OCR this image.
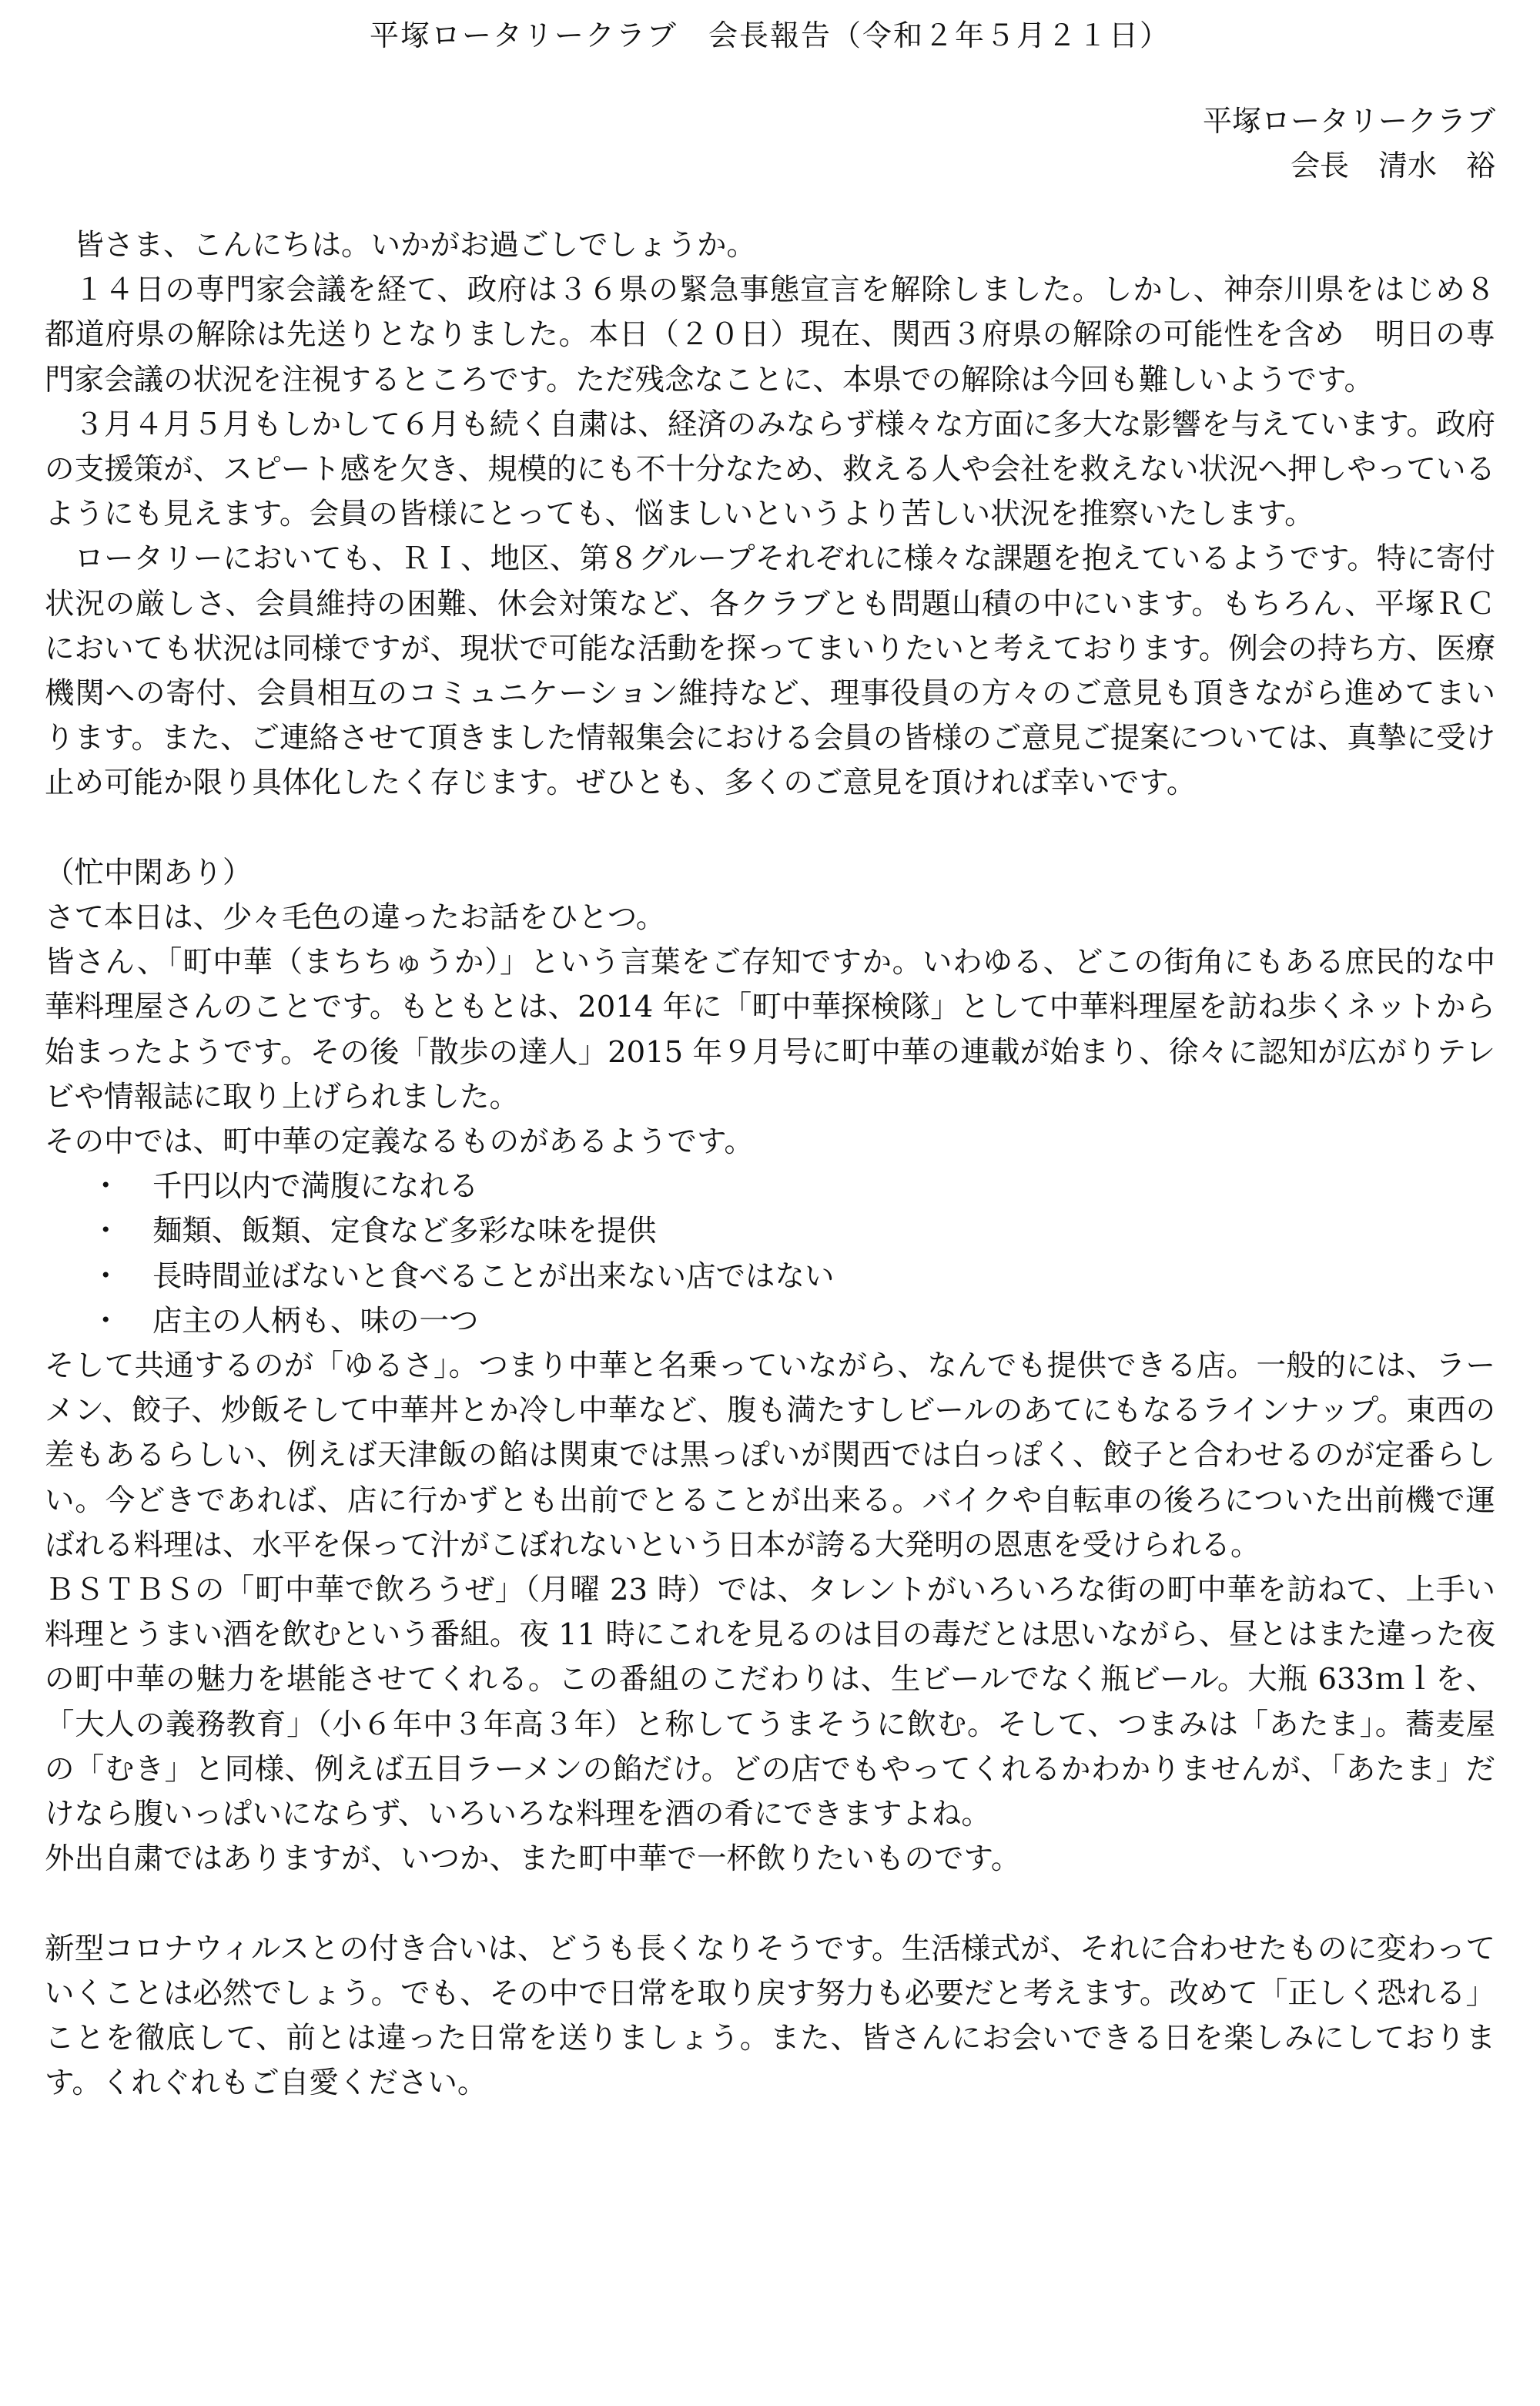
平塚ロータリークラブ　会長報告（令和２年５月２１日）
平塚ロータリークラブ
会長　清水　裕

皆さま、こんにちは。いかがお過ごしでしょうか。

１４日の専門家会議を経て、政府は３６県の緊急事態宣言を解除しました。しかし、神奈川県をはじめ８都道府県の解除は先送りとなりました。本日（２０日）現在、関西３府県の解除の可能性を含め　明日の専門家会議の状況を注視するところです。ただ残念なことに、本県での解除は今回も難しいようです。

３月４月５月もしかして６月も続く自粛は、経済のみならず様々な方面に多大な影響を与えています。政府の支援策が、スピート感を欠き、規模的にも不十分なため、救える人や会社を救えない状況へ押しやっているようにも見えます。会員の皆様にとっても、悩ましいというより苦しい状況を推察いたします。

ロータリーにおいても、ＲＩ、地区、第８グループそれぞれに様々な課題を抱えているようです。特に寄付状況の厳しさ、会員維持の困難、休会対策など、各クラブとも問題山積の中にいます。もちろん、平塚ＲＣにおいても状況は同様ですが、現状で可能な活動を探ってまいりたいと考えております。例会の持ち方、医療機関への寄付、会員相互のコミュニケーション維持など、理事役員の方々のご意見も頂きながら進めてまいります。また、ご連絡させて頂きました情報集会における会員の皆様のご意見ご提案については、真摯に受け止め可能か限り具体化したく存じます。ぜひとも、多くのご意見を頂ければ幸いです。

（忙中閑あり）

さて本日は、少々毛色の違ったお話をひとつ。

皆さん、「町中華（まちちゅうか）」という言葉をご存知ですか。いわゆる、どこの街角にもある庶民的な中華料理屋さんのことです。もともとは、2014 年に「町中華探検隊」として中華料理屋を訪ね歩くネットから始まったようです。その後「散歩の達人」2015 年９月号に町中華の連載が始まり、徐々に認知が広がりテレビや情報誌に取り上げられました。

その中では、町中華の定義なるものがあるようです。

・ 千円以内で満腹になれる
・ 麺類、飯類、定食など多彩な味を提供
・ 長時間並ばないと食べることが出来ない店ではない
・ 店主の人柄も、味の一つ

そして共通するのが「ゆるさ」。つまり中華と名乗っていながら、なんでも提供できる店。一般的には、ラーメン、餃子、炒飯そして中華丼とか冷し中華など、腹も満たすしビールのあてにもなるラインナップ。東西の差もあるらしい、例えば天津飯の餡は関東では黒っぽいが関西では白っぽく、餃子と合わせるのが定番らしい。今どきであれば、店に行かずとも出前でとることが出来る。バイクや自転車の後ろについた出前機で運ばれる料理は、水平を保って汁がこぼれないという日本が誇る大発明の恩恵を受けられる。

ＢＳＴＢＳの「町中華で飲ろうぜ」（月曜 23 時）では、タレントがいろいろな街の町中華を訪ねて、上手い料理とうまい酒を飲むという番組。夜 11 時にこれを見るのは目の毒だとは思いながら、昼とはまた違った夜の町中華の魅力を堪能させてくれる。この番組のこだわりは、生ビールでなく瓶ビール。大瓶 633ｍｌを、「大人の義務教育」（小６年中３年高３年）と称してうまそうに飲む。そして、つまみは「あたま」。蕎麦屋の「むき」と同様、例えば五目ラーメンの餡だけ。どの店でもやってくれるかわかりませんが、「あたま」だけなら腹いっぱいにならず、いろいろな料理を酒の肴にできますよね。

外出自粛ではありますが、いつか、また町中華で一杯飲りたいものです。

新型コロナウィルスとの付き合いは、どうも長くなりそうです。生活様式が、それに合わせたものに変わっていくことは必然でしょう。でも、その中で日常を取り戻す努力も必要だと考えます。改めて「正しく恐れる」ことを徹底して、前とは違った日常を送りましょう。また、皆さんにお会いできる日を楽しみにしております。くれぐれもご自愛ください。
